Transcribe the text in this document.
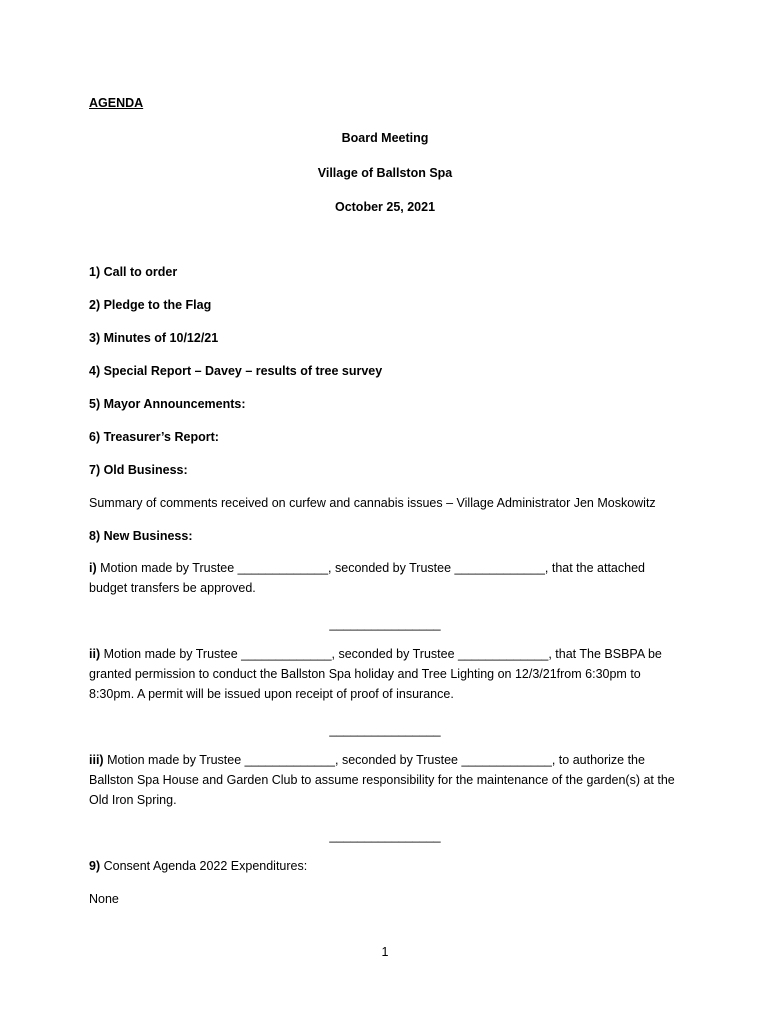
AGENDA
Board Meeting
Village of Ballston Spa
October 25, 2021
1) Call to order
2) Pledge to the Flag
3) Minutes of 10/12/21
4) Special Report – Davey – results of tree survey
5) Mayor Announcements:
6) Treasurer’s Report:
7) Old Business:
Summary of comments received on curfew and cannabis issues – Village Administrator Jen Moskowitz
8) New Business:
i) Motion made by Trustee _____________, seconded by Trustee _____________, that the attached budget transfers be approved.
________________
ii) Motion made by Trustee _____________, seconded by Trustee _____________, that The BSBPA be granted permission to conduct the Ballston Spa holiday and Tree Lighting on 12/3/21from 6:30pm to 8:30pm. A permit will be issued upon receipt of proof of insurance.
________________
iii) Motion made by Trustee _____________, seconded by Trustee _____________, to authorize the Ballston Spa House and Garden Club to assume responsibility for the maintenance of the garden(s) at the Old Iron Spring.
________________
9) Consent Agenda 2022 Expenditures:
None
1
